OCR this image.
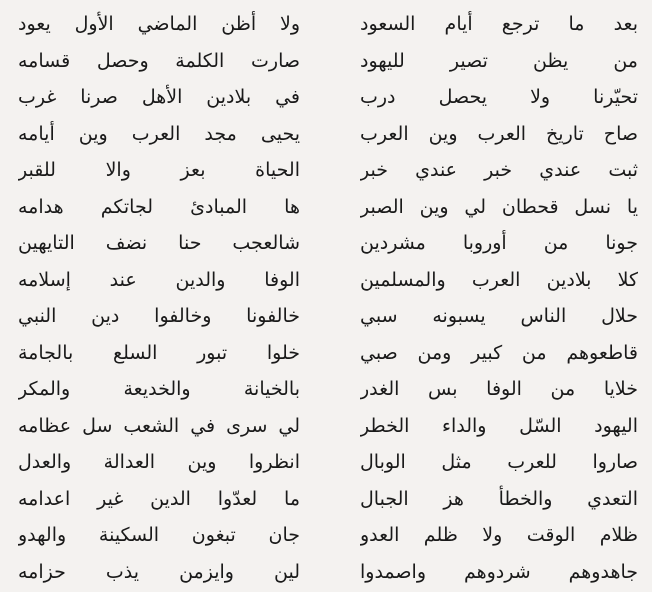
بعد ما ترجع أيام السعود
من يظن تصير لليهود
تحيّرنا ولا يحصل درب
صاح تاريخ العرب وين العرب
ثبت عندي خبر عندي خبر
يا نسل قحطان لي وين الصبر
جونا من أوروبا مشردين
كلا بلادين العرب والمسلمين
حلال الناس يسبونه سبي
قاطعوهم من كبير ومن صبي
خلايا من الوفا بس الغدر
اليهود السّل والداء الخطر
صاروا للعرب مثل الوبال
التعدي والخطأ هز الجبال
ظلام الوقت ولا ظلم العدو
جاهدوهم شردوهم واصمدوا
ولا أظن الماضي الأول يعود
صارت الكلمة وحصل قسامه
في بلادين الأهل صرنا غرب
يحيى مجد العرب وين أيامه
الحياة بعز والا للقبر
ها المبادئ لجاتكم هدامه
شالعجب حنا نضف التايهين
الوفا والدين عند إسلامه
خالفونا وخالفوا دين النبي
خلوا تبور السلع بالجامة
بالخيانة والخديعة والمكر
لي سرى في الشعب سل عظامه
انظروا وين العدالة والعدل
ما لعدّوا الدين غير اعدامه
جان تبغون السكينة والهدو
لين وايزمن يذب حزامه
